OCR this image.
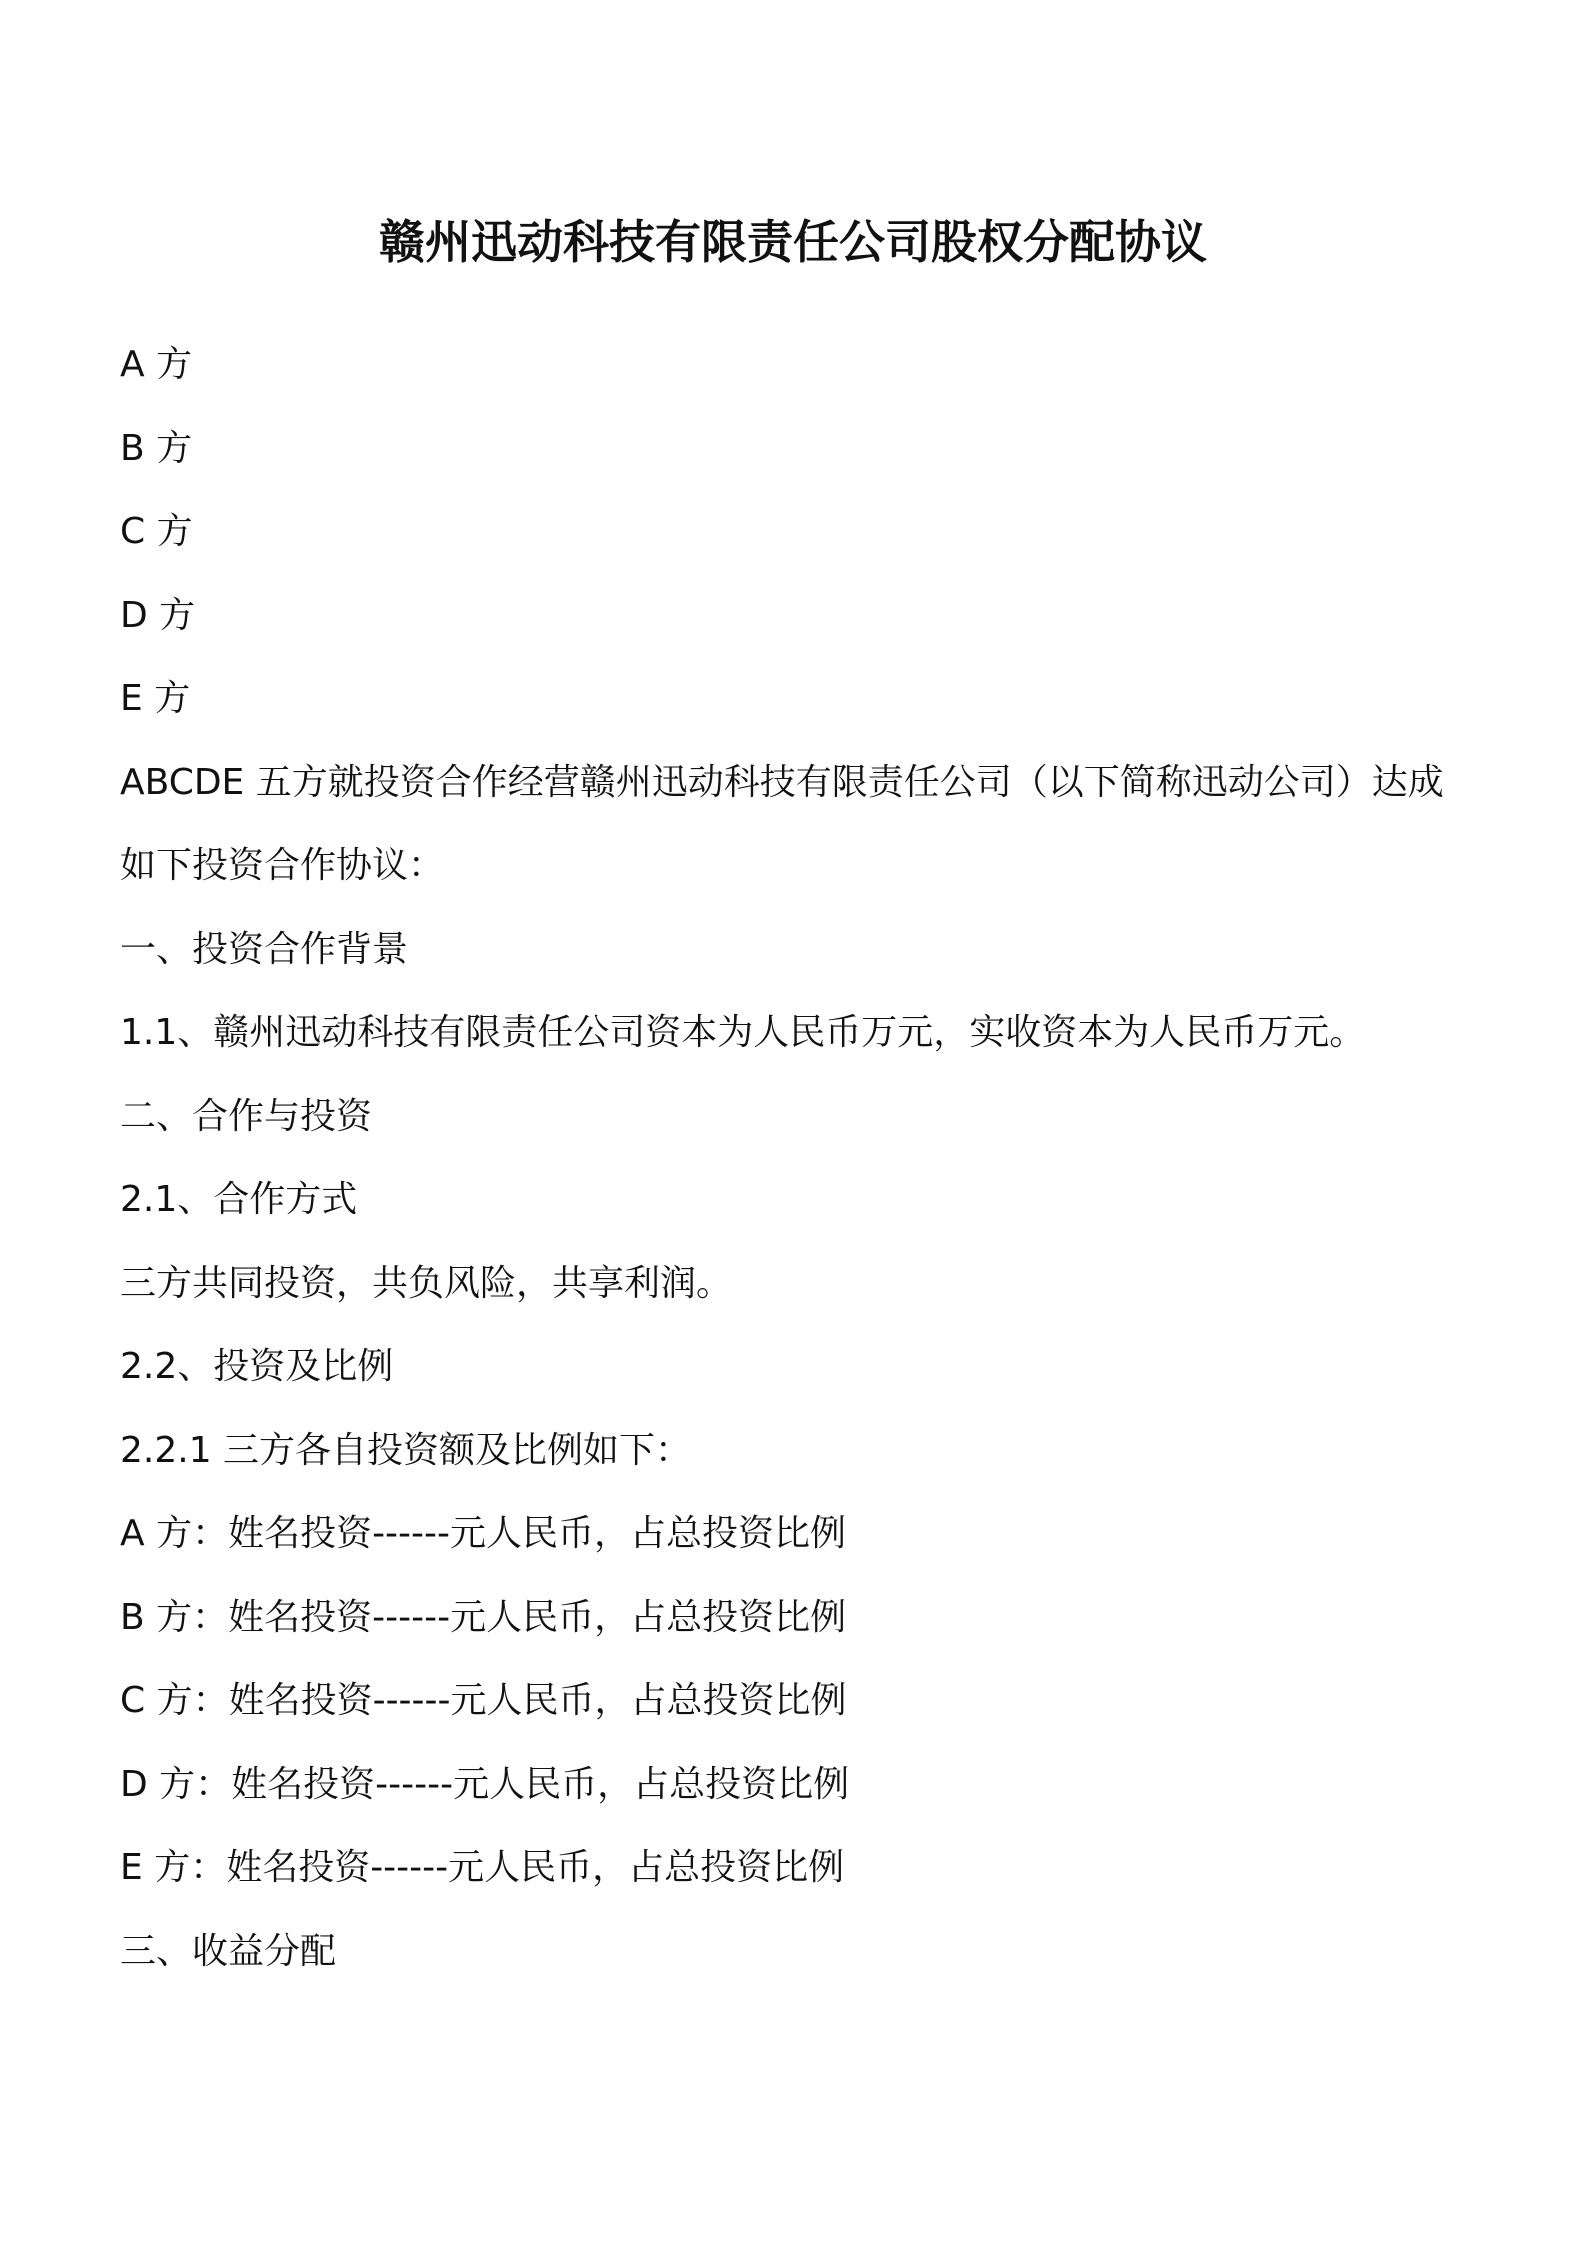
赣州迅动科技有限责任公司股权分配协议

A 方

B 方

C 方

D 方

E 方

ABCDE 五方就投资合作经营赣州迅动科技有限责任公司（以下简称迅动公司）达成

如下投资合作协议：

一、投资合作背景

1.1、赣州迅动科技有限责任公司资本为人民币万元，实收资本为人民币万元。

二、合作与投资

2.1、合作方式

三方共同投资，共负风险，共享利润。

2.2、投资及比例

2.2.1 三方各自投资额及比例如下：

A 方：姓名投资------元人民币，占总投资比例

B 方：姓名投资------元人民币，占总投资比例

C 方：姓名投资------元人民币，占总投资比例

D 方：姓名投资------元人民币，占总投资比例

E 方：姓名投资------元人民币，占总投资比例

三、收益分配
